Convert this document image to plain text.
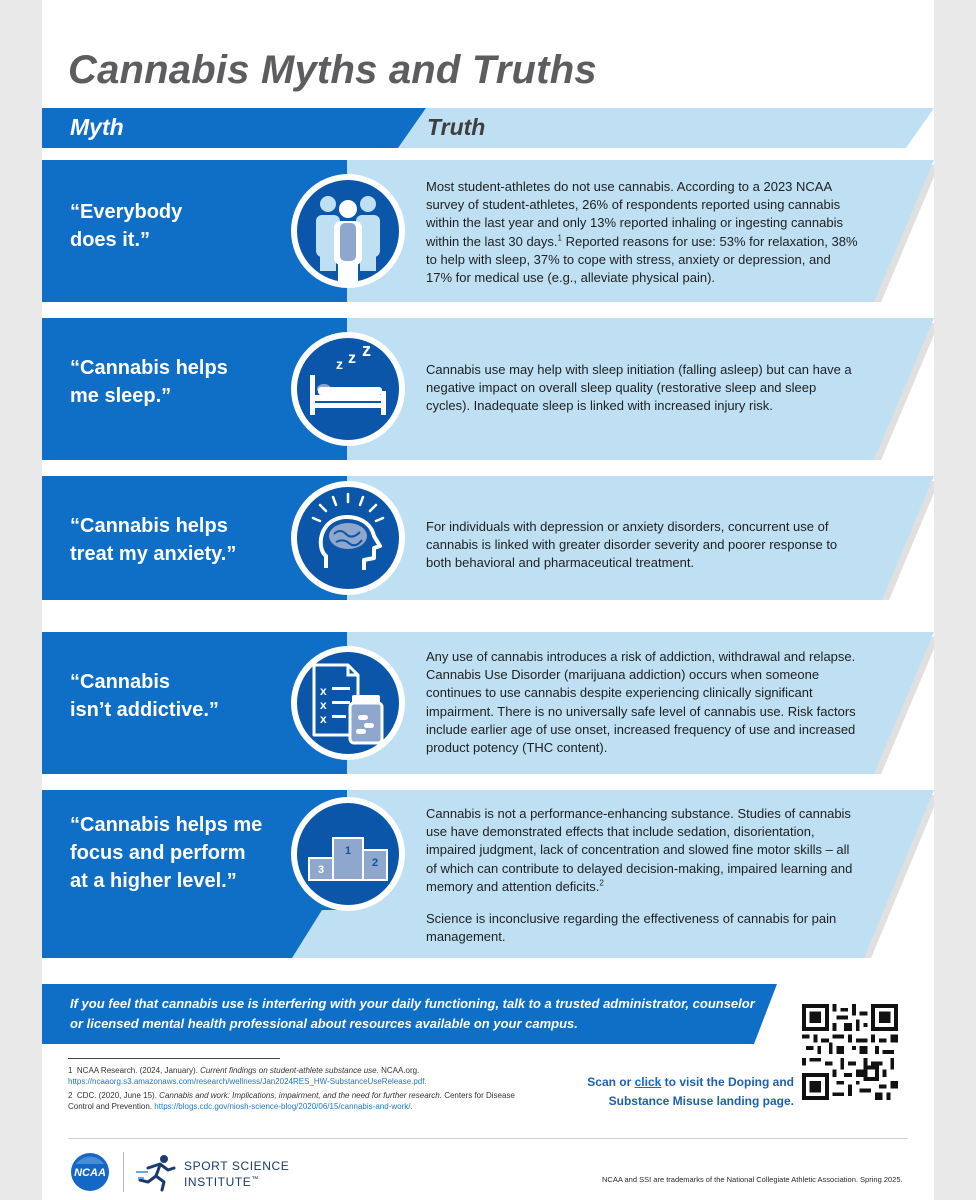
Cannabis Myths and Truths
Myth	Truth
“Everybody
does it.”

Most student-athletes do not use cannabis. According to a 2023 NCAA survey of student-athletes, 26% of respondents reported using cannabis within the last year and only 13% reported inhaling or ingesting cannabis within the last 30 days.$^1$ Reported reasons for use: 53% for relaxation, 38% to help with sleep, 37% to cope with stress, anxiety or depression, and 17% for medical use (e.g., alleviate physical pain).

“Cannabis helps
me sleep.”
z z z

Cannabis use may help with sleep initiation (falling asleep) but can have a negative impact on overall sleep quality (restorative sleep and sleep cycles). Inadequate sleep is linked with increased injury risk.

“Cannabis helps
treat my anxiety.”

For individuals with depression or anxiety disorders, concurrent use of cannabis is linked with greater disorder severity and poorer response to both behavioral and pharmaceutical treatment.

“Cannabis
isn’t addictive.”
x
x
x

Any use of cannabis introduces a risk of addiction, withdrawal and relapse. Cannabis Use Disorder (marijuana addiction) occurs when someone continues to use cannabis despite experiencing clinically significant impairment. There is no universally safe level of cannabis use. Risk factors include earlier age of use onset, increased frequency of use and increased product potency (THC content).

“Cannabis helps me
focus and perform
at a higher level.”
1
2
3

Cannabis is not a performance-enhancing substance. Studies of cannabis use have demonstrated effects that include sedation, disorientation, impaired judgment, lack of concentration and slowed fine motor skills – all of which can contribute to delayed decision-making, impaired learning and memory and attention deficits.$^2$

Science is inconclusive regarding the effectiveness of cannabis for pain management.

If you feel that cannabis use is interfering with your daily functioning, talk to a trusted administrator, counselor or licensed mental health professional about resources available on your campus.
Scan or click to visit the Doping and Substance Misuse landing page.
1 NCAA Research. (2024, January). Current findings on student-athlete substance use. NCAA.org.
https://ncaaorg.s3.amazonaws.com/research/wellness/Jan2024RES_HW-SubstanceUseRelease.pdf.
2 CDC. (2020, June 15). Cannabis and work: Implications, impairment, and the need for further research. Centers for Disease Control and Prevention. https://blogs.cdc.gov/niosh-science-blog/2020/06/15/cannabis-and-work/.
NCAA	SPORT SCIENCE
INSTITUTE™	NCAA and SSI are trademarks of the National Collegiate Athletic Association. Spring 2025.
